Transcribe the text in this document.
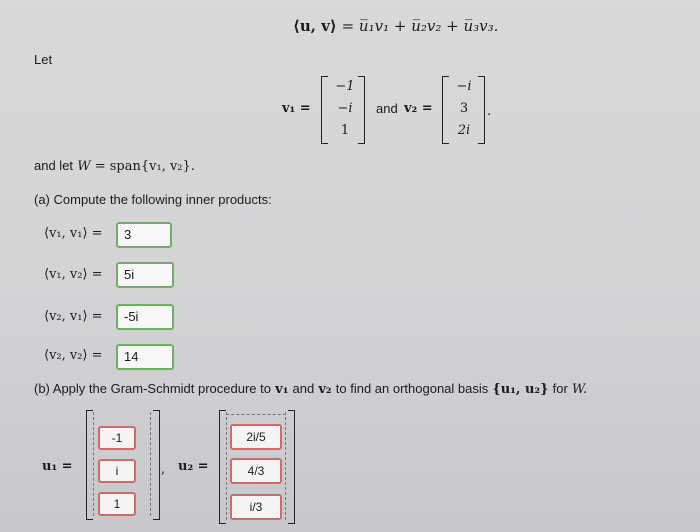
⟨u, v⟩ = u̅₁v₁ + u̅₂v₂ + u̅₃v₃.
Let
v₁ =
−1
−i
1
and v₂ =
−i
3
2i
.
and let W = span{v₁, v₂}.
(a) Compute the following inner products:
⟨v₁, v₁⟩ =	3
⟨v₁, v₂⟩ =	5i
⟨v₂, v₁⟩ =	-5i
⟨v₂, v₂⟩ =	14
(b) Apply the Gram-Schmidt procedure to v₁ and v₂ to find an orthogonal basis {u₁, u₂} for W.
u₁ =
-1
i
1
, u₂ =
2i/5
4/3
i/3
